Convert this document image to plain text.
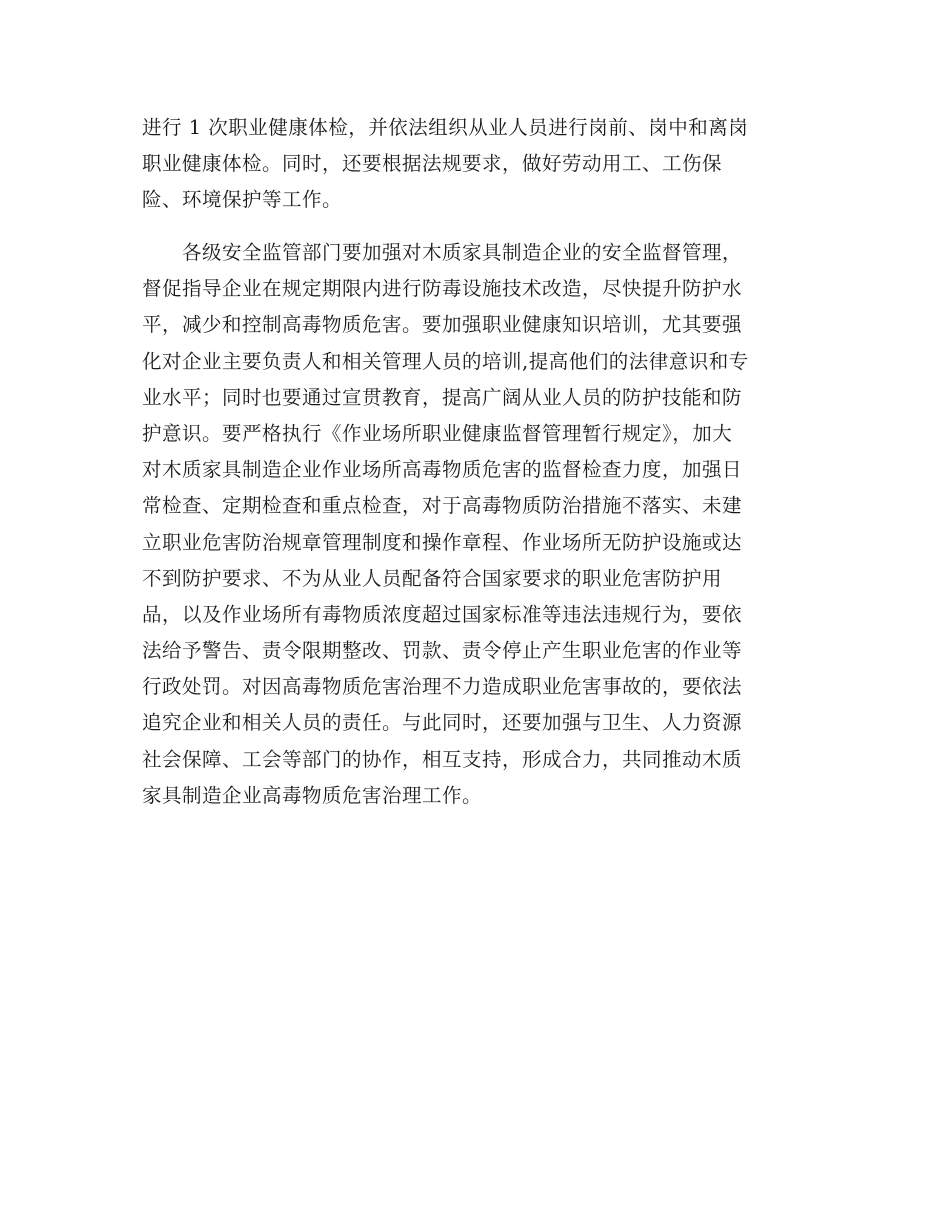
进行 1 次职业健康体检，并依法组织从业人员进行岗前、岗中和离岗
职业健康体检。同时，还要根据法规要求，做好劳动用工、工伤保
险、环境保护等工作。
　　各级安全监管部门要加强对木质家具制造企业的安全监督管理，
督促指导企业在规定期限内进行防毒设施技术改造，尽快提升防护水
平，减少和控制高毒物质危害。要加强职业健康知识培训，尤其要强
化对企业主要负责人和相关管理人员的培训,提高他们的法律意识和专
业水平；同时也要通过宣贯教育，提高广阔从业人员的防护技能和防
护意识。要严格执行《作业场所职业健康监督管理暂行规定》，加大
对木质家具制造企业作业场所高毒物质危害的监督检查力度，加强日
常检查、定期检查和重点检查，对于高毒物质防治措施不落实、未建
立职业危害防治规章管理制度和操作章程、作业场所无防护设施或达
不到防护要求、不为从业人员配备符合国家要求的职业危害防护用
品，以及作业场所有毒物质浓度超过国家标准等违法违规行为，要依
法给予警告、责令限期整改、罚款、责令停止产生职业危害的作业等
行政处罚。对因高毒物质危害治理不力造成职业危害事故的，要依法
追究企业和相关人员的责任。与此同时，还要加强与卫生、人力资源
社会保障、工会等部门的协作，相互支持，形成合力，共同推动木质
家具制造企业高毒物质危害治理工作。
